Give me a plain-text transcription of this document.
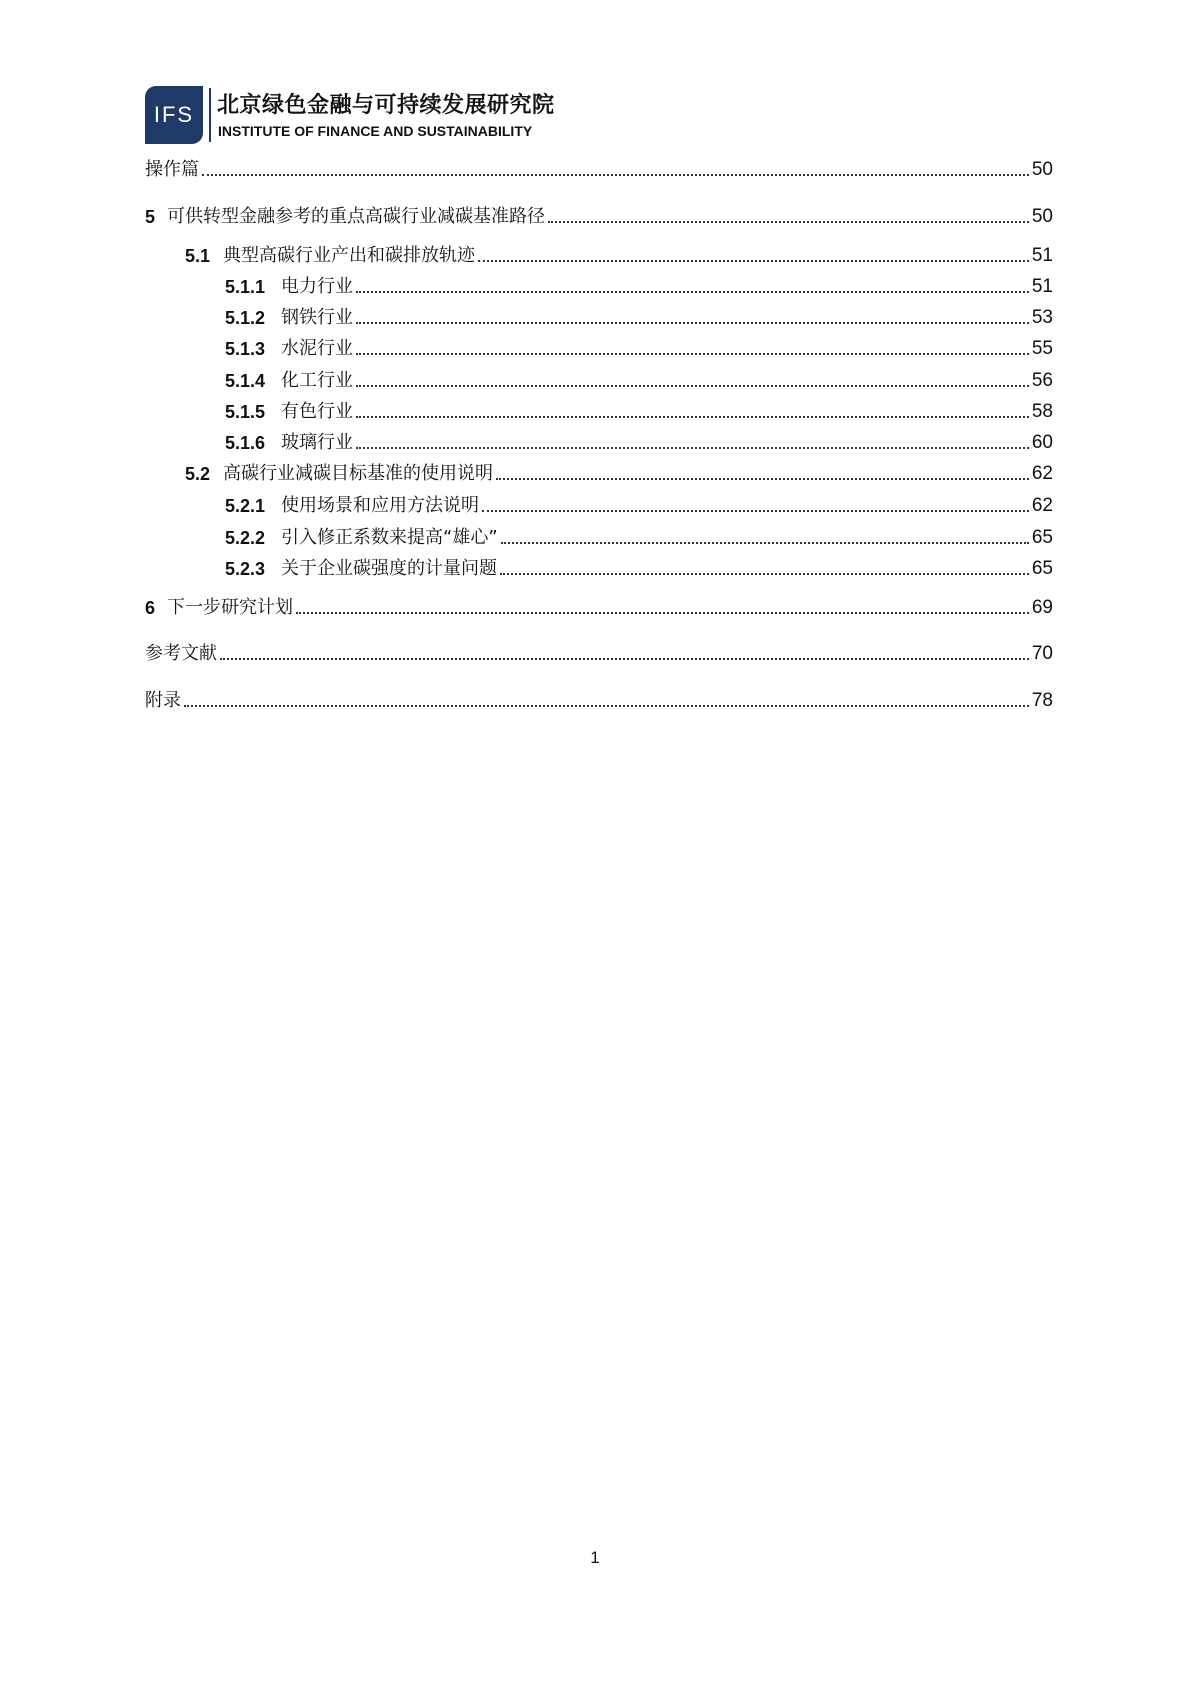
IFS	北京绿色金融与可持续发展研究院
INSTITUTE OF FINANCE AND SUSTAINABILITY
操作篇	50
5 可供转型金融参考的重点高碳行业减碳基准路径	50
5.1 典型高碳行业产出和碳排放轨迹	51
5.1.1 电力行业	51
5.1.2 钢铁行业	53
5.1.3 水泥行业	55
5.1.4 化工行业	56
5.1.5 有色行业	58
5.1.6 玻璃行业	60
5.2 高碳行业减碳目标基准的使用说明	62
5.2.1 使用场景和应用方法说明	62
5.2.2 引入修正系数来提高“雄心”	65
5.2.3 关于企业碳强度的计量问题	65
6 下一步研究计划	69
参考文献	70
附录	78
1
